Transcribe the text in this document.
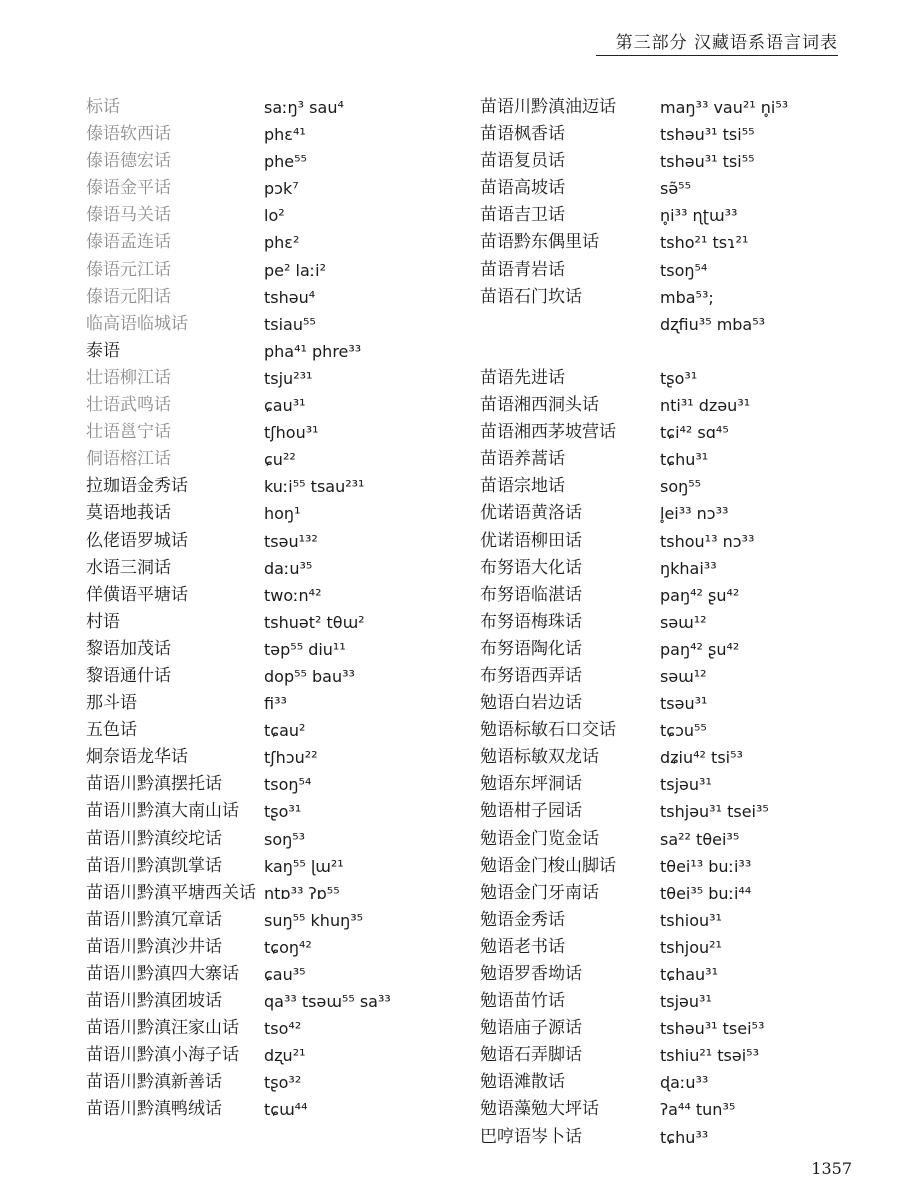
第三部分 汉藏语系语言词表
标话	saːŋ³ sau⁴
傣语软西话	phɛ⁴¹
傣语德宏话	phe⁵⁵
傣语金平话	pɔk⁷
傣语马关话	lo²
傣语孟连话	phɛ²
傣语元江话	pe² laːi²
傣语元阳话	tshəu⁴
临高语临城话	tsiau⁵⁵
泰语	pha⁴¹ phre³³
壮语柳江话	tsju²³¹
壮语武鸣话	ɕau³¹
壮语邕宁话	tʃhou³¹
侗语榕江话	ɕu²²
拉珈语金秀话	kuːi⁵⁵ tsau²³¹
莫语地莪话	hoŋ¹
仫佬语罗城话	tsəu¹³²
水语三洞话	daːu³⁵
佯僙语平塘话	twoːn⁴²
村语	tshuət² tθɯ²
黎语加茂话	təp⁵⁵ diu¹¹
黎语通什话	dop⁵⁵ bau³³
那斗语	fi³³
五色话	tɕau²
炯奈语龙华话	tʃhɔu²²
苗语川黔滇摆托话	tsoŋ⁵⁴
苗语川黔滇大南山话 tʂo³¹
苗语川黔滇绞坨话	soŋ⁵³
苗语川黔滇凯掌话	kaŋ⁵⁵ ɭɯ²¹
苗语川黔滇平塘西关话 ntɒ³³ ʔɒ⁵⁵
苗语川黔滇冗章话	suŋ⁵⁵ khuŋ³⁵
苗语川黔滇沙井话	tɕoŋ⁴²
苗语川黔滇四大寨话 ɕau³⁵
苗语川黔滇团坡话	qa³³ tsəɯ⁵⁵ sa³³
苗语川黔滇汪家山话 tso⁴²
苗语川黔滇小海子话 dʐu²¹
苗语川黔滇新善话	tʂo³²
苗语川黔滇鸭绒话	tɕɯ⁴⁴
苗语川黔滇油迈话	maŋ³³ vau²¹ n̥i⁵³
苗语枫香话	tshəu³¹ tsi⁵⁵
苗语复员话	tshəu³¹ tsi⁵⁵
苗语高坡话	sə̃⁵⁵
苗语吉卫话	n̥i³³ ɳʈɯ³³
苗语黔东偶里话	tsho²¹ tsɿ²¹
苗语青岩话	tsoŋ⁵⁴
苗语石门坎话	mba⁵³;
dʐfiu³⁵ mba⁵³
苗语先进话	tʂo³¹
苗语湘西洞头话	nti³¹ dzəu³¹
苗语湘西茅坡营话	tɕi⁴² sɑ⁴⁵
苗语养蒿话	tɕhu³¹
苗语宗地话	soŋ⁵⁵
优诺语黄洛话	l̥ei³³ nɔ³³
优诺语柳田话	tshou¹³ nɔ³³
布努语大化话	ŋkhai³³
布努语临湛话	paŋ⁴² ʂu⁴²
布努语梅珠话	səɯ¹²
布努语陶化话	paŋ⁴² ʂu⁴²
布努语西弄话	səɯ¹²
勉语白岩边话	tsəu³¹
勉语标敏石口交话	tɕɔu⁵⁵
勉语标敏双龙话	dʑiu⁴² tsi⁵³
勉语东坪洞话	tsjəu³¹
勉语柑子园话	tshjəu³¹ tsei³⁵
勉语金门览金话	sa²² tθei³⁵
勉语金门梭山脚话	tθei¹³ buːi³³
勉语金门牙南话	tθei³⁵ buːi⁴⁴
勉语金秀话	tshiou³¹
勉语老书话	tshjou²¹
勉语罗香坳话	tɕhau³¹
勉语苗竹话	tsjəu³¹
勉语庙子源话	tshəu³¹ tsei⁵³
勉语石弄脚话	tshiu²¹ tsəi⁵³
勉语滩散话	ɖaːu³³
勉语藻勉大坪话	ʔa⁴⁴ tun³⁵
巴哼语岑卜话	tɕhu³³
1357
